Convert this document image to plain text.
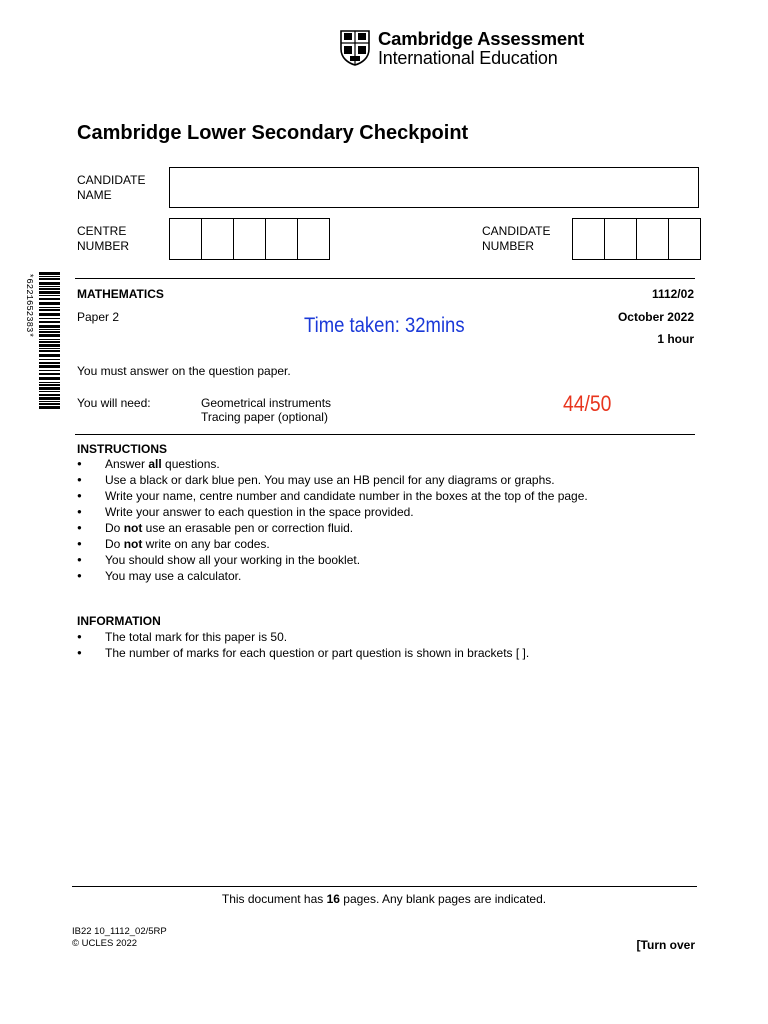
Cambridge Assessment
International Education
Cambridge Lower Secondary Checkpoint
CANDIDATE
NAME
CENTRE
NUMBER
CANDIDATE
NUMBER
*6221652383*	MATHEMATICS	1112/02
Paper 2	October 2022
1 hour
Time taken: 32mins
You must answer on the question paper.
You will need:	Geometrical instruments
Tracing paper (optional)
44/50
INSTRUCTIONS
● Answer all questions.
● Use a black or dark blue pen. You may use an HB pencil for any diagrams or graphs.
● Write your name, centre number and candidate number in the boxes at the top of the page.
● Write your answer to each question in the space provided.
● Do not use an erasable pen or correction fluid.
● Do not write on any bar codes.
● You should show all your working in the booklet.
● You may use a calculator.
INFORMATION
● The total mark for this paper is 50.
● The number of marks for each question or part question is shown in brackets [ ].
This document has 16 pages. Any blank pages are indicated.
IB22 10_1112_02/5RP
© UCLES 2022	[Turn over
